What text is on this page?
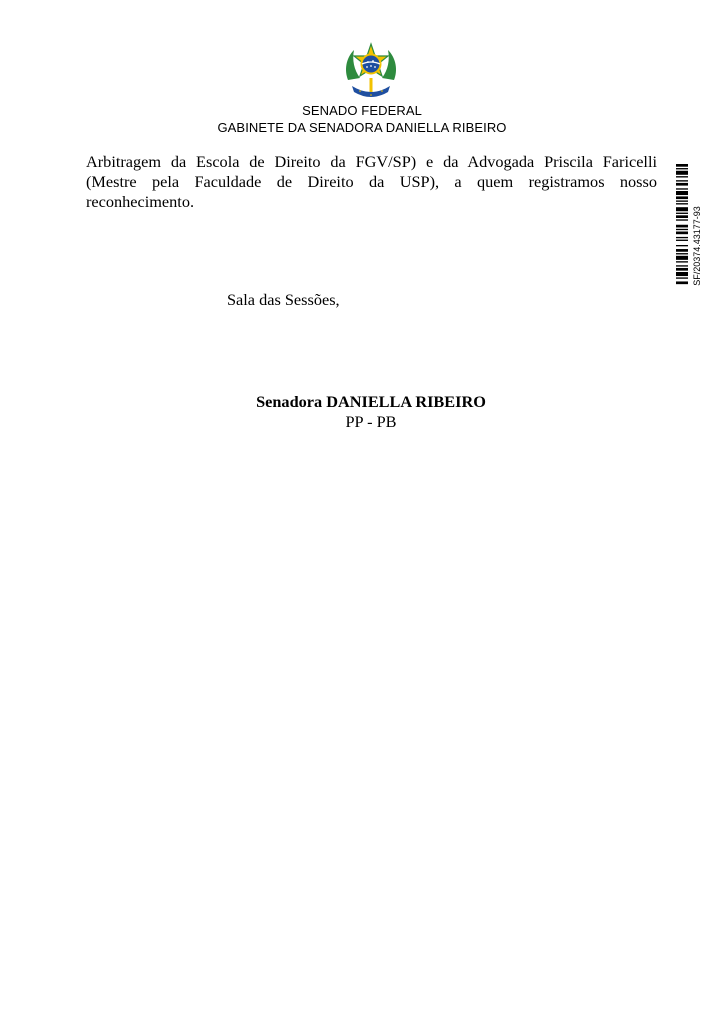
SENADO FEDERAL
GABINETE DA SENADORA DANIELLA RIBEIRO
Arbitragem da Escola de Direito da FGV/SP) e da Advogada Priscila Faricelli
(Mestre pela Faculdade de Direito da USP), a quem registramos nosso
reconhecimento.
Sala das Sessões,
Senadora DANIELLA RIBEIRO
PP - PB
SF/20374.43177-93
